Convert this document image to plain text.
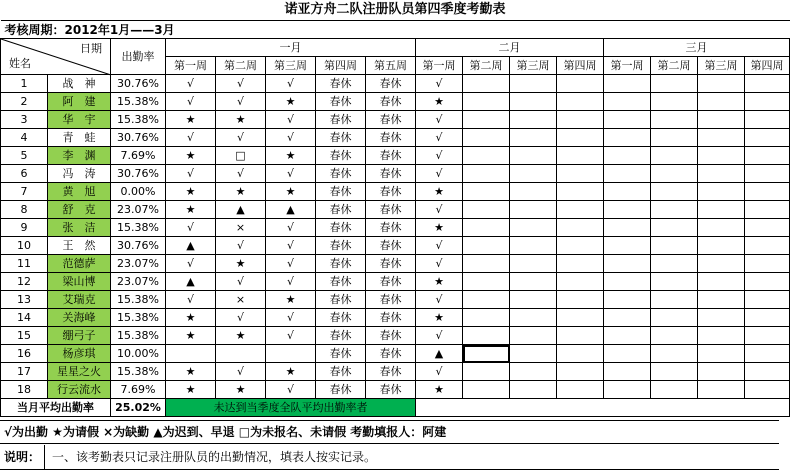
诺亚方舟二队注册队员第四季度考勤表															
考核周期：2012年1月——3月															

日期
姓名		出勤率	一月					二月				三月			
			第一周	第二周	第三周	第四周	第五周	第一周	第二周	第三周	第四周	第一周	第二周	第三周	第四周
1	战　神	30.76%	√	√	√	春休	春休	√							
2	阿　建	15.38%	√	√	★	春休	春休	★							
3	华　宇	15.38%	★	★	√	春休	春休	√							
4	青　蛙	30.76%	√	√	√	春休	春休	√							
5	李　渊	7.69%	★	□	★	春休	春休	√							
6	冯　涛	30.76%	√	√	√	春休	春休	√							
7	黄　旭	0.00%	★	★	★	春休	春休	★							
8	舒　克	23.07%	★	▲	▲	春休	春休	√							
9	张　洁	15.38%	√	×	√	春休	春休	★							
10	王　然	30.76%	▲	√	√	春休	春休	√							
11	范德萨	23.07%	√	★	√	春休	春休	√							
12	梁山博	23.07%	▲	√	√	春休	春休	★							
13	艾瑞克	15.38%	√	×	★	春休	春休	√							
14	关海峰	15.38%	★	√	√	春休	春休	★							
15	绷弓子	15.38%	★	★	√	春休	春休	√							
16	杨彦琪	10.00%				春休	春休	▲							
17	星星之火	15.38%	★	√	★	春休	春休	√							
18	行云流水	7.69%	★	★	√	春休	春休	★							
当月平均出勤率		25.02%	未达到当季度全队平均出勤率者												
√为出勤 ★为请假 ×为缺勤 ▲为迟到、早退 □为未报名、未请假 考勤填报人：阿建
说明： 一、该考勤表只记录注册队员的出勤情况，填表人按实记录。
